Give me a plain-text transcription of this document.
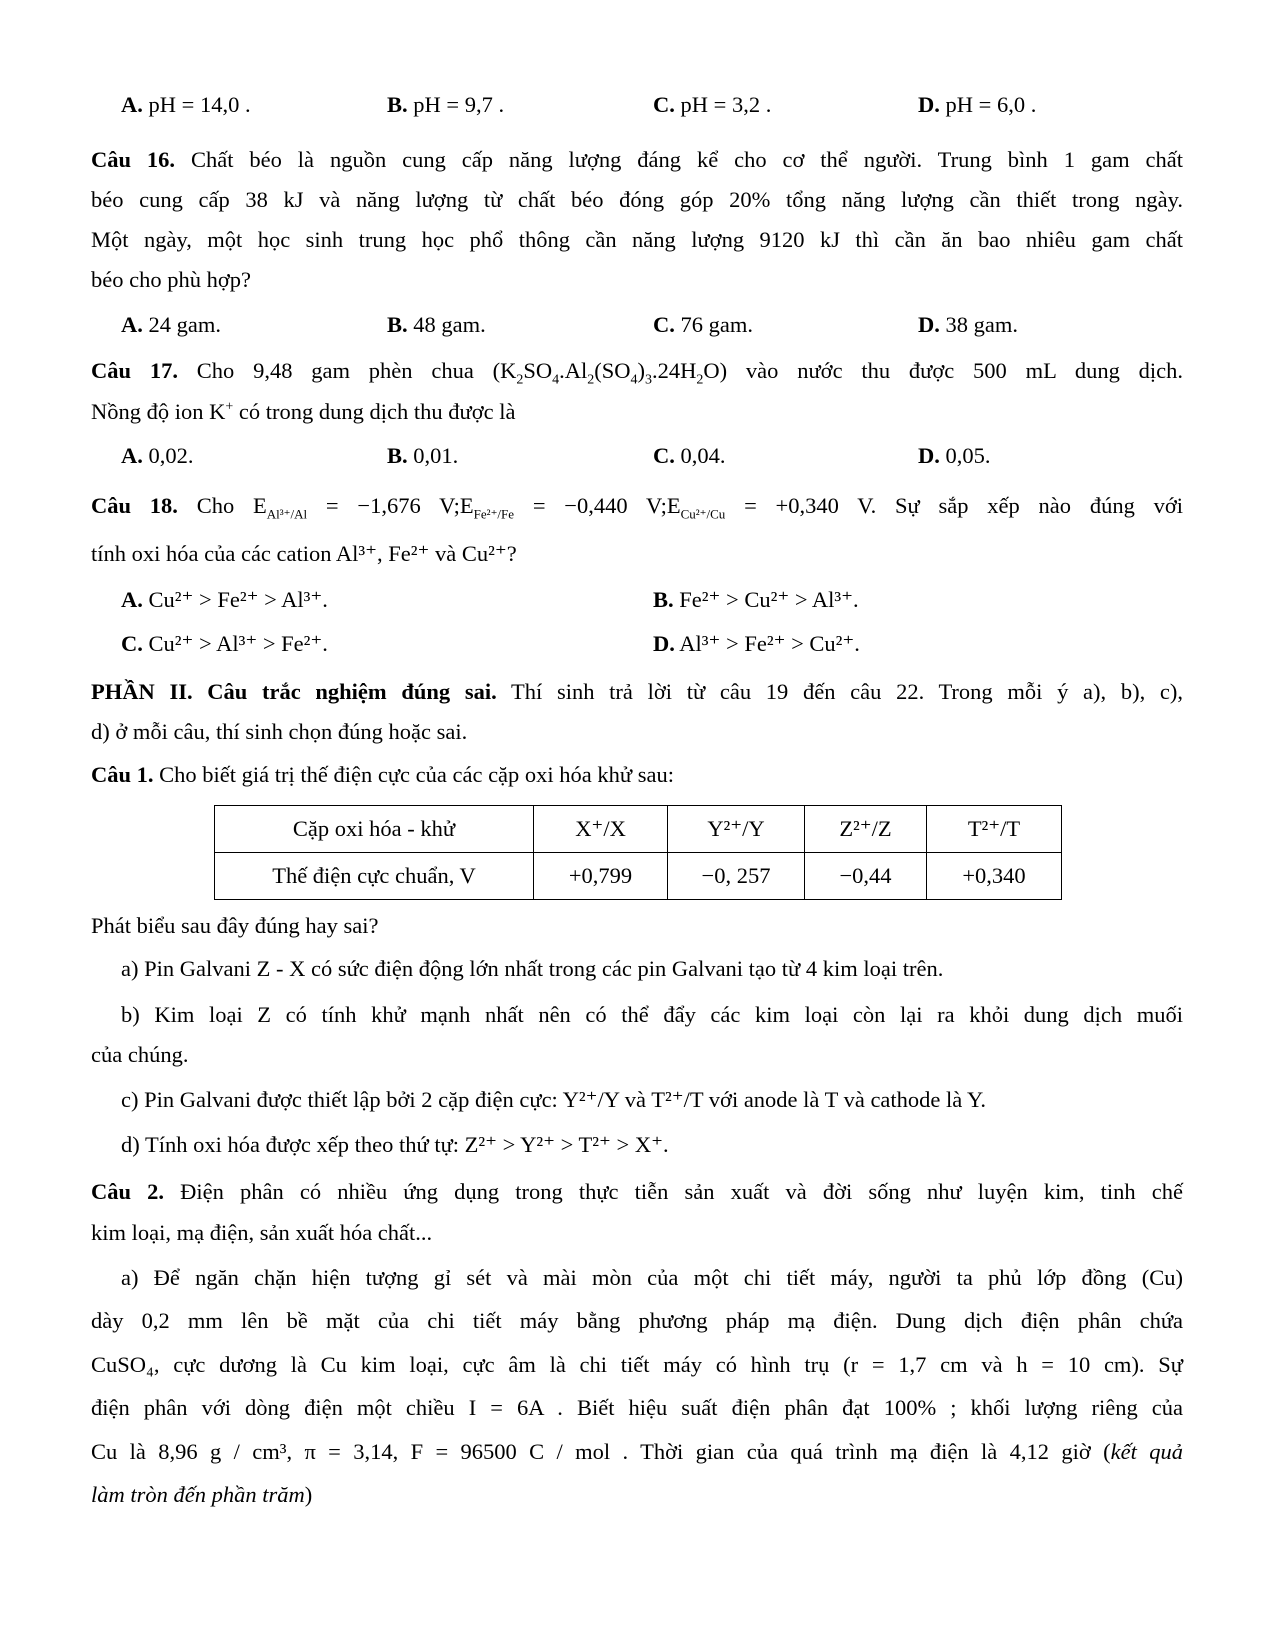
A. pH = 14,0 .	B. pH = 9,7 .	C. pH = 3,2 .	D. pH = 6,0 .
Câu 16. Chất béo là nguồn cung cấp năng lượng đáng kể cho cơ thể người. Trung bình 1 gam chất
béo cung cấp 38 kJ và năng lượng từ chất béo đóng góp 20% tổng năng lượng cần thiết trong ngày.
Một ngày, một học sinh trung học phổ thông cần năng lượng 9120 kJ thì cần ăn bao nhiêu gam chất
béo cho phù hợp?
A. 24 gam.	B. 48 gam.	C. 76 gam.	D. 38 gam.
Câu 17. Cho 9,48 gam phèn chua $(K_2SO_4.Al_2(SO_4)_3.24H_2O)$ vào nước thu được 500 mL dung dịch.
Nồng độ ion K+ có trong dung dịch thu được là
A. 0,02.	B. 0,01.	C. 0,04.	D. 0,05.
Câu 18. Cho $E_{Al^{3+}/Al} = -1,676$ $V;E_{Fe^{2+}/Fe} = -0,440$ $V;E_{Cu^{2+}/Cu} = +0,340$ V. Sự sắp xếp nào đúng với
tính oxi hóa của các cation Al³⁺, Fe²⁺ và Cu²⁺?
A. Cu²⁺ > Fe²⁺ > Al³⁺.	B. Fe²⁺ > Cu²⁺ > Al³⁺.
C. Cu²⁺ > Al³⁺ > Fe²⁺.	D. Al³⁺ > Fe²⁺ > Cu²⁺.
PHẦN II. Câu trắc nghiệm đúng sai. Thí sinh trả lời từ câu 19 đến câu 22. Trong mỗi ý a), b), c),
d) ở mỗi câu, thí sinh chọn đúng hoặc sai.
Câu 1. Cho biết giá trị thế điện cực của các cặp oxi hóa khử sau:
Cặp oxi hóa - khử	X⁺/X	Y²⁺/Y	Z²⁺/Z	T²⁺/T
Thế điện cực chuẩn, V	+0,799	−0, 257	−0,44	+0,340
Phát biểu sau đây đúng hay sai?
a) Pin Galvani Z - X có sức điện động lớn nhất trong các pin Galvani tạo từ 4 kim loại trên.
b) Kim loại Z có tính khử mạnh nhất nên có thể đẩy các kim loại còn lại ra khỏi dung dịch muối
của chúng.
c) Pin Galvani được thiết lập bởi 2 cặp điện cực: Y²⁺/Y và T²⁺/T với anode là T và cathode là Y.
d) Tính oxi hóa được xếp theo thứ tự: Z²⁺ > Y²⁺ > T²⁺ > X⁺.
Câu 2. Điện phân có nhiều ứng dụng trong thực tiễn sản xuất và đời sống như luyện kim, tinh chế
kim loại, mạ điện, sản xuất hóa chất...
a) Để ngăn chặn hiện tượng gỉ sét và mài mòn của một chi tiết máy, người ta phủ lớp đồng (Cu)
dày 0,2 mm lên bề mặt của chi tiết máy bằng phương pháp mạ điện. Dung dịch điện phân chứa
CuSO₄, cực dương là Cu kim loại, cực âm là chi tiết máy có hình trụ (r = 1,7 cm và h = 10 cm). Sự
điện phân với dòng điện một chiều I = 6A . Biết hiệu suất điện phân đạt 100% ; khối lượng riêng của
Cu là 8,96 g / cm³, π = 3,14, F = 96500 C / mol . Thời gian của quá trình mạ điện là 4,12 giờ (kết quả
làm tròn đến phần trăm)
